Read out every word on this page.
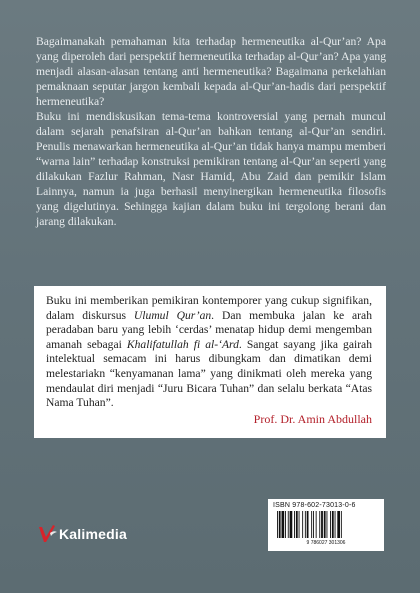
Bagaimanakah pemahaman kita terhadap hermeneutika al-Qur’an? Apa yang diperoleh dari perspektif hermeneutika terhadap al-Qur’an? Apa yang menjadi alasan-alasan tentang anti hermeneutika? Bagaimana perkelahian pemaknaan seputar jargon kembali kepada al-Qur’an-hadis dari perspektif hermeneutika?

Buku ini mendiskusikan tema-tema kontroversial yang pernah muncul dalam sejarah penafsiran al-Qur’an bahkan tentang al-Qur’an sendiri. Penulis menawarkan hermeneutika al-Qur’an tidak hanya mampu memberi “warna lain” terhadap konstruksi pemikiran tentang al-Qur’an seperti yang dilakukan Fazlur Rahman, Nasr Hamid, Abu Zaid dan pemikir Islam Lainnya, namun ia juga berhasil menyinergikan hermeneutika filosofis yang digelutinya. Sehingga kajian dalam buku ini tergolong berani dan jarang dilakukan.

Buku ini memberikan pemikiran kontemporer yang cukup signifikan, dalam diskursus Ulumul Qur’an. Dan membuka jalan ke arah peradaban baru yang lebih ‘cerdas’ menatap hidup demi mengemban amanah sebagai Khalifatullah fi al-‘Ard. Sangat sayang jika gairah intelektual semacam ini harus dibungkam dan dimatikan demi melestariakn “kenyamanan lama” yang dinikmati oleh mereka yang mendaulat diri menjadi “Juru Bicara Tuhan” dan selalu berkata “Atas Nama Tuhan”.

Prof. Dr. Amin Abdullah

Kalimedia

ISBN 978-602-73013-0-6

9 786027 301306
